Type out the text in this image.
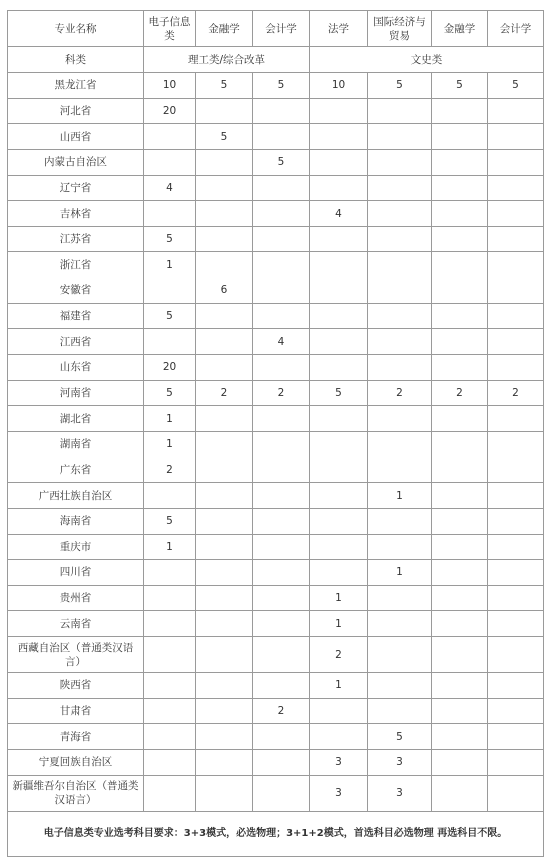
专业名称	电子信息类	金融学	会计学	法学	国际经济与贸易	金融学	会计学
科类	理工类/综合改革			文史类			
黑龙江省	10	5	5	10	5	5	5
河北省	20						
山西省		5					
内蒙古自治区			5				
辽宁省	4						
吉林省				4			
江苏省	5						
浙江省	1						
安徽省		6					
福建省	5						
江西省			4				
山东省	20						
河南省	5	2	2	5	2	2	2
湖北省	1						
湖南省	1						
广东省	2						
广西壮族自治区					1		
海南省	5						
重庆市	1						
四川省					1		
贵州省				1			
云南省				1			
西藏自治区（普通类汉语言）				2			
陕西省				1			
甘肃省			2				
青海省					5		
宁夏回族自治区				3	3		
新疆维吾尔自治区（普通类汉语言）				3	3		
电子信息类专业选考科目要求：3+3模式，必选物理；3+1+2模式，首选科目必选物理 再选科目不限。							
